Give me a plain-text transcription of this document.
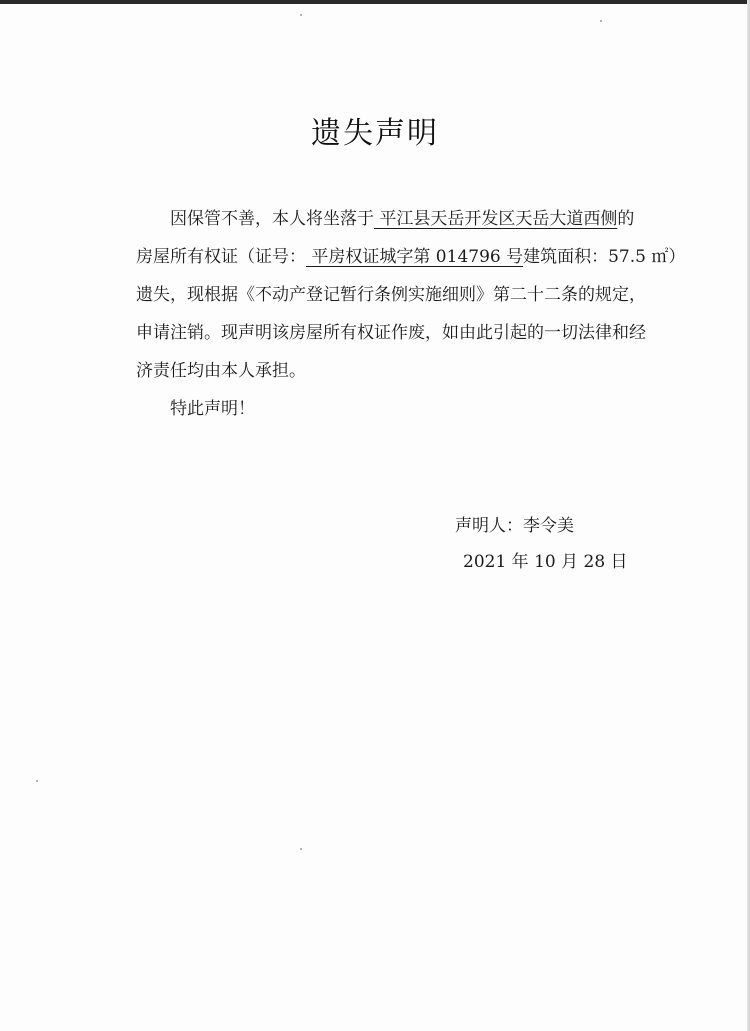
遗失声明
因保管不善，本人将坐落于 平江县天岳开发区天岳大道西侧的
房屋所有权证（证号： 平房权证城字第 014796 号建筑面积：57.5 ㎡）
遗失，现根据《不动产登记暂行条例实施细则》第二十二条的规定，
申请注销。现声明该房屋所有权证作废，如由此引起的一切法律和经
济责任均由本人承担。
特此声明！
声明人：李令美
2021 年 10 月 28 日
